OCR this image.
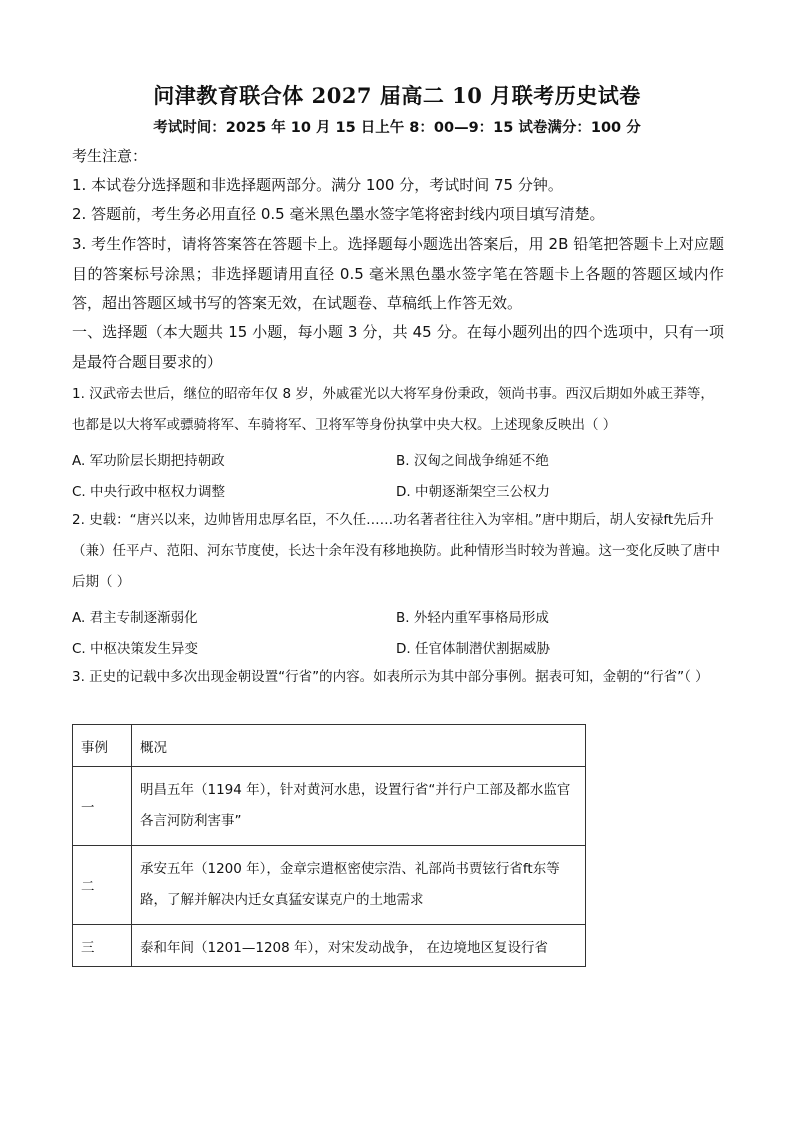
问津教育联合体 2027 届高二 10 月联考历史试卷
考试时间：2025 年 10 月 15 日上午 8：00—9：15 试卷满分：100 分
考生注意：
1. 本试卷分选择题和非选择题两部分。满分 100 分，考试时间 75 分钟。
2. 答题前，考生务必用直径 0.5 毫米黑色墨水签字笔将密封线内项目填写清楚。
3. 考生作答时，请将答案答在答题卡上。选择题每小题选出答案后，用 2B 铅笔把答题卡上对应题目的答案标号涂黑；非选择题请用直径 0.5 毫米黑色墨水签字笔在答题卡上各题的答题区域内作答，超出答题区域书写的答案无效，在试题卷、草稿纸上作答无效。
一、选择题（本大题共 15 小题，每小题 3 分，共 45 分。在每小题列出的四个选项中，只有一项是最符合题目要求的）
1. 汉武帝去世后，继位的昭帝年仅 8 岁，外戚霍光以大将军身份秉政，领尚书事。西汉后期如外戚王莽等，也都是以大将军或骠骑将军、车骑将军、卫将军等身份执掌中央大权。上述现象反映出（ ）
A. 军功阶层长期把持朝政	B. 汉匈之间战争绵延不绝
C. 中央行政中枢权力调整	D. 中朝逐渐架空三公权力
2. 史载：“唐兴以来，边帅皆用忠厚名臣，不久任……功名著者往往入为宰相。”唐中期后，胡人安禄ft先后升（兼）任平卢、范阳、河东节度使，长达十余年没有移地换防。此种情形当时较为普遍。这一变化反映了唐中后期（ ）
A. 君主专制逐渐弱化	B. 外轻内重军事格局形成
C. 中枢决策发生异变	D. 任官体制潜伏割据威胁
3. 正史的记载中多次出现金朝设置“行省”的内容。如表所示为其中部分事例。据表可知，金朝的“行省”（ ）
事例	概况
一	明昌五年（1194 年），针对黄河水患，设置行省“并行户工部及都水监官各言河防利害事”

二	承安五年（1200 年），金章宗遣枢密使宗浩、礼部尚书贾铉行省ft东等路，了解并解决内迁女真猛安谋克户的土地需求

三	泰和年间（1201—1208 年），对宋发动战争， 在边境地区复设行省
